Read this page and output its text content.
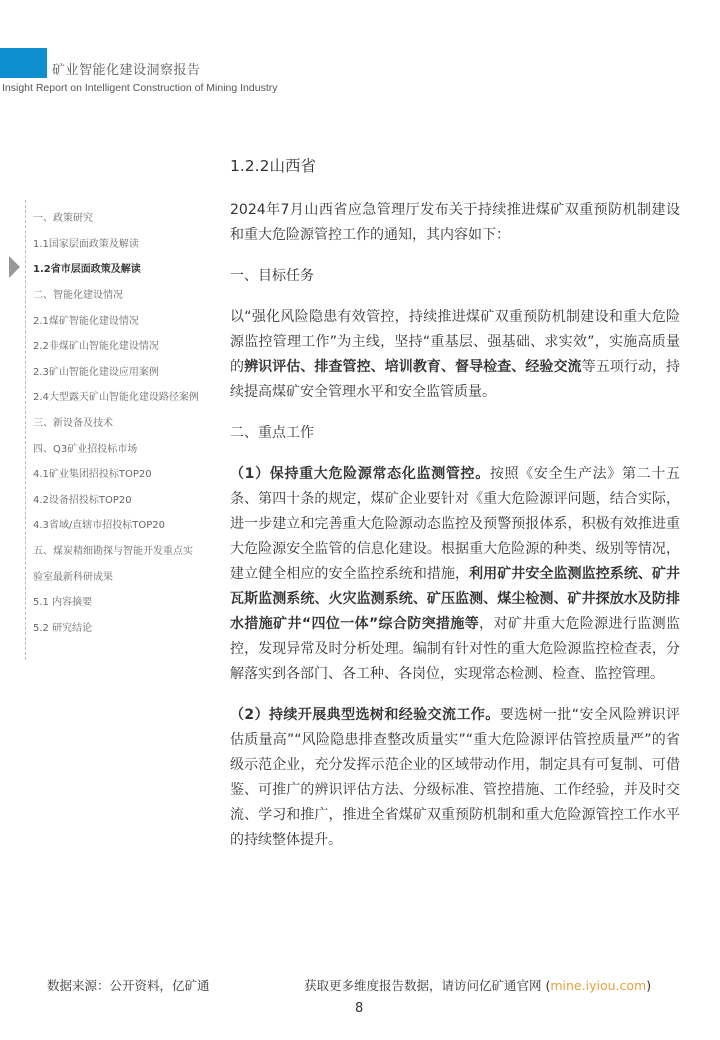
矿业智能化建设洞察报告
Insight Report on Intelligent Construction of Mining Industry
一、政策研究
1.1国家层面政策及解读
1.2省市层面政策及解读
二、智能化建设情况
2.1煤矿智能化建设情况
2.2非煤矿山智能化建设情况
2.3矿山智能化建设应用案例
2.4大型露天矿山智能化建设路径案例
三、新设备及技术
四、Q3矿业招投标市场
4.1矿业集团招投标TOP20
4.2设备招投标TOP20
4.3省域/直辖市招投标TOP20
五、煤炭精细勘探与智能开发重点实
验室最新科研成果
5.1 内容摘要
5.2 研究结论
1.2.2山西省

2024年7月山西省应急管理厅发布关于持续推进煤矿双重预防机制建设和重大危险源管控工作的通知，其内容如下：

一、目标任务

以“强化风险隐患有效管控，持续推进煤矿双重预防机制建设和重大危险源监控管理工作”为主线，坚持“重基层、强基础、求实效”，实施高质量的辨识评估、排查管控、培训教育、督导检查、经验交流等五项行动，持续提高煤矿安全管理水平和安全监管质量。

二、重点工作

（1）保持重大危险源常态化监测管控。按照《安全生产法》第二十五条、第四十条的规定，煤矿企业要针对《重大危险源评问题，结合实际，进一步建立和完善重大危险源动态监控及预警预报体系，积极有效推进重大危险源安全监管的信息化建设。根据重大危险源的种类、级别等情况，建立健全相应的安全监控系统和措施，利用矿井安全监测监控系统、矿井瓦斯监测系统、火灾监测系统、矿压监测、煤尘检测、矿井探放水及防排水措施矿井“四位一体”综合防突措施等，对矿井重大危险源进行监测监控，发现异常及时分析处理。编制有针对性的重大危险源监控检查表，分解落实到各部门、各工种、各岗位，实现常态检测、检查、监控管理。

（2）持续开展典型选树和经验交流工作。要选树一批“安全风险辨识评估质量高”“风险隐患排查整改质量实”“重大危险源评估管控质量严”的省级示范企业，充分发挥示范企业的区域带动作用，制定具有可复制、可借鉴、可推广的辨识评估方法、分级标准、管控措施、工作经验，并及时交流、学习和推广，推进全省煤矿双重预防机制和重大危险源管控工作水平的持续整体提升。

数据来源：公开资料，亿矿通	获取更多维度报告数据，请访问亿矿通官网 (mine.iyiou.com)
8
